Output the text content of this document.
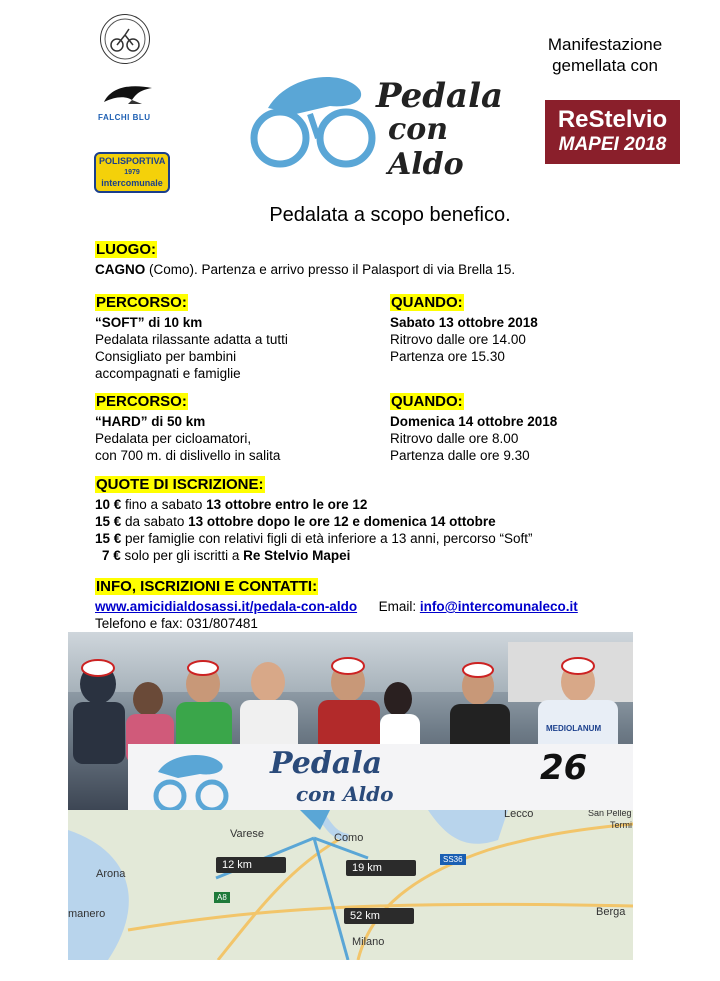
FALCHI BLU
POLISPORTIVA
1979
intercomunale
Pedala
con Aldo
Manifestazione
gemellata con
ReStelvio
MAPEI 2018
Pedalata a scopo benefico.
LUOGO:
CAGNO (Como). Partenza e arrivo presso il Palasport di via Brella 15.
PERCORSO:
“SOFT” di 10 km
Pedalata rilassante adatta a tutti
Consigliato per bambini
accompagnati e famiglie
QUANDO:
Sabato 13 ottobre 2018
Ritrovo dalle ore 14.00
Partenza ore 15.30
PERCORSO:
“HARD” di 50 km
Pedalata per cicloamatori,
con 700 m. di dislivello in salita
QUANDO:
Domenica 14 ottobre 2018
Ritrovo dalle ore 8.00
Partenza dalle ore 9.30
QUOTE DI ISCRIZIONE:
10 € fino a sabato 13 ottobre entro le ore 12
15 € da sabato 13 ottobre dopo le ore 12 e domenica 14 ottobre
15 € per famiglie con relativi figli di età inferiore a 13 anni, percorso “Soft”
7 € solo per gli iscritti a Re Stelvio Mapei
INFO, ISCRIZIONI E CONTATTI:
www.amicidialdosassi.it/pedala-con-aldo Email: info@intercomunaleco.it
Telefono e fax: 031/807481
MEDIOLANUM
Pedala
con Aldo
26
Varese	Como
Lecco	San Pelleg
Termi
Arona
manero	Berga
Milano
12 km	19 km
52 km
SS36
A8
